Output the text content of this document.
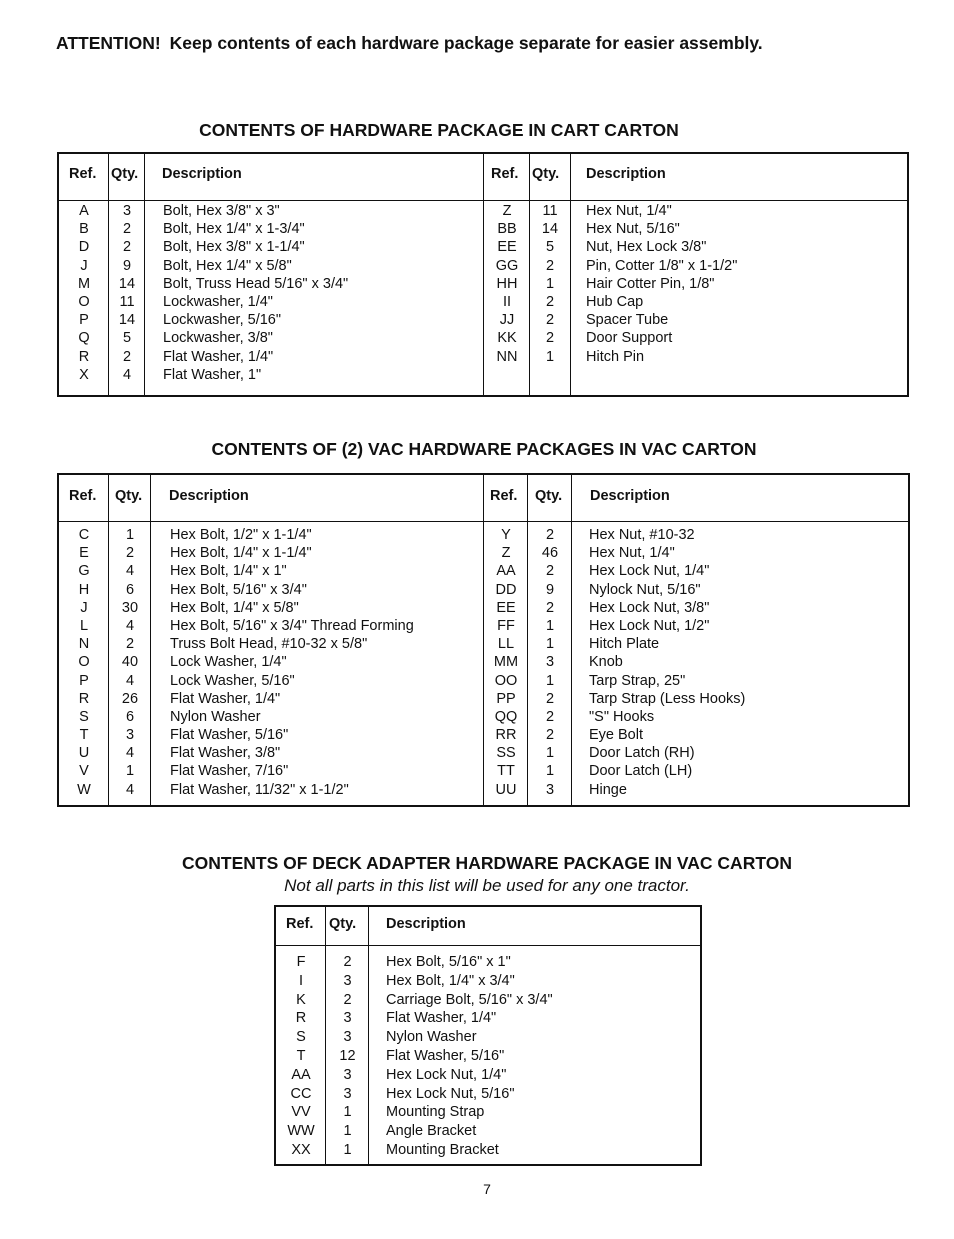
ATTENTION! Keep contents of each hardware package separate for easier assembly.
CONTENTS OF HARDWARE PACKAGE IN CART CARTON
Ref. Qty. Description	Ref. Qty. Description
A
B
D
J
M
O
P
Q
R
X
3
2
2
9
14
11
14
5
2
4
Bolt, Hex 3/8" x 3"
Bolt, Hex 1/4" x 1-3/4"
Bolt, Hex 3/8" x 1-1/4"
Bolt, Hex 1/4" x 5/8"
Bolt, Truss Head 5/16" x 3/4"
Lockwasher, 1/4"
Lockwasher, 5/16"
Lockwasher, 3/8"
Flat Washer, 1/4"
Flat Washer, 1"
Z
BB
EE
GG
HH
II
JJ
KK
NN
11
14
5
2
1
2
2
2
1
Hex Nut, 1/4"
Hex Nut, 5/16"
Nut, Hex Lock 3/8"
Pin, Cotter 1/8" x 1-1/2"
Hair Cotter Pin, 1/8"
Hub Cap
Spacer Tube
Door Support
Hitch Pin
CONTENTS OF (2) VAC HARDWARE PACKAGES IN VAC CARTON
Ref. Qty. Description	Ref. Qty. Description
C
E
G
H
J
L
N
O
P
R
S
T
U
V
W
1
2
4
6
30
4
2
40
4
26
6
3
4
1
4
Hex Bolt, 1/2" x 1-1/4"
Hex Bolt, 1/4" x 1-1/4"
Hex Bolt, 1/4" x 1"
Hex Bolt, 5/16" x 3/4"
Hex Bolt, 1/4" x 5/8"
Hex Bolt, 5/16" x 3/4" Thread Forming
Truss Bolt Head, #10-32 x 5/8"
Lock Washer, 1/4"
Lock Washer, 5/16"
Flat Washer, 1/4"
Nylon Washer
Flat Washer, 5/16"
Flat Washer, 3/8"
Flat Washer, 7/16"
Flat Washer, 11/32" x 1-1/2"
Y
Z
AA
DD
EE
FF
LL
MM
OO
PP
QQ
RR
SS
TT
UU
2
46
2
9
2
1
1
3
1
2
2
2
1
1
3
Hex Nut, #10-32
Hex Nut, 1/4"
Hex Lock Nut, 1/4"
Nylock Nut, 5/16"
Hex Lock Nut, 3/8"
Hex Lock Nut, 1/2"
Hitch Plate
Knob
Tarp Strap, 25"
Tarp Strap (Less Hooks)
"S" Hooks
Eye Bolt
Door Latch (RH)
Door Latch (LH)
Hinge
CONTENTS OF DECK ADAPTER HARDWARE PACKAGE IN VAC CARTON
Not all parts in this list will be used for any one tractor.
Ref. Qty. Description
F
I
K
R
S
T
AA
CC
VV
WW
XX
2
3
2
3
3
12
3
3
1
1
1
Hex Bolt, 5/16" x 1"
Hex Bolt, 1/4" x 3/4"
Carriage Bolt, 5/16" x 3/4"
Flat Washer, 1/4"
Nylon Washer
Flat Washer, 5/16"
Hex Lock Nut, 1/4"
Hex Lock Nut, 5/16"
Mounting Strap
Angle Bracket
Mounting Bracket
7
